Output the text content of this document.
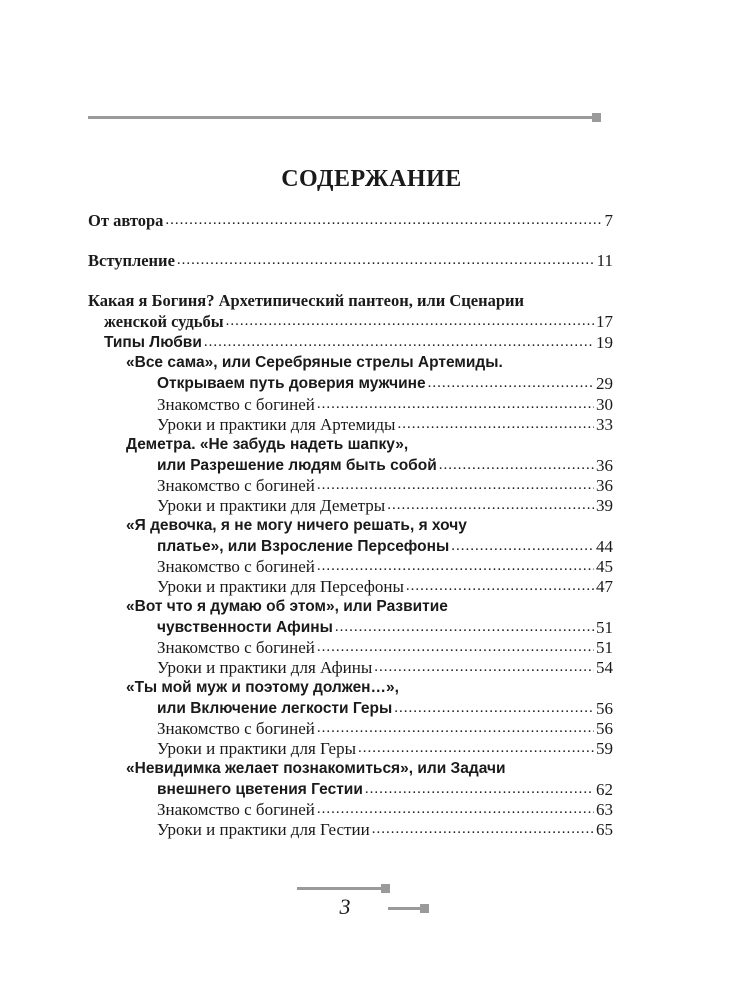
СОДЕРЖАНИЕ
От автора .....	7
Вступление .....	11
Какая я Богиня? Архетипический пантеон, или Сценарии
женской судьбы .....	17
Типы Любви .....	19
«Все сама», или Серебряные стрелы Артемиды.
Открываем путь доверия мужчине .....	29
Знакомство с богиней .....	30
Уроки и практики для Артемиды .....	33
Деметра. «Не забудь надеть шапку»,
или Разрешение людям быть собой .....	36
Знакомство с богиней .....	36
Уроки и практики для Деметры .....	39
«Я девочка, я не могу ничего решать, я хочу
платье», или Взросление Персефоны .....	44
Знакомство с богиней .....	45
Уроки и практики для Персефоны .....	47
«Вот что я думаю об этом», или Развитие
чувственности Афины .....	51
Знакомство с богиней .....	51
Уроки и практики для Афины .....	54
«Ты мой муж и поэтому должен…»,
или Включение легкости Геры .....	56
Знакомство с богиней .....	56
Уроки и практики для Геры .....	59
«Невидимка желает познакомиться», или Задачи
внешнего цветения Гестии .....	62
Знакомство с богиней .....	63
Уроки и практики для Гестии .....	65
3
